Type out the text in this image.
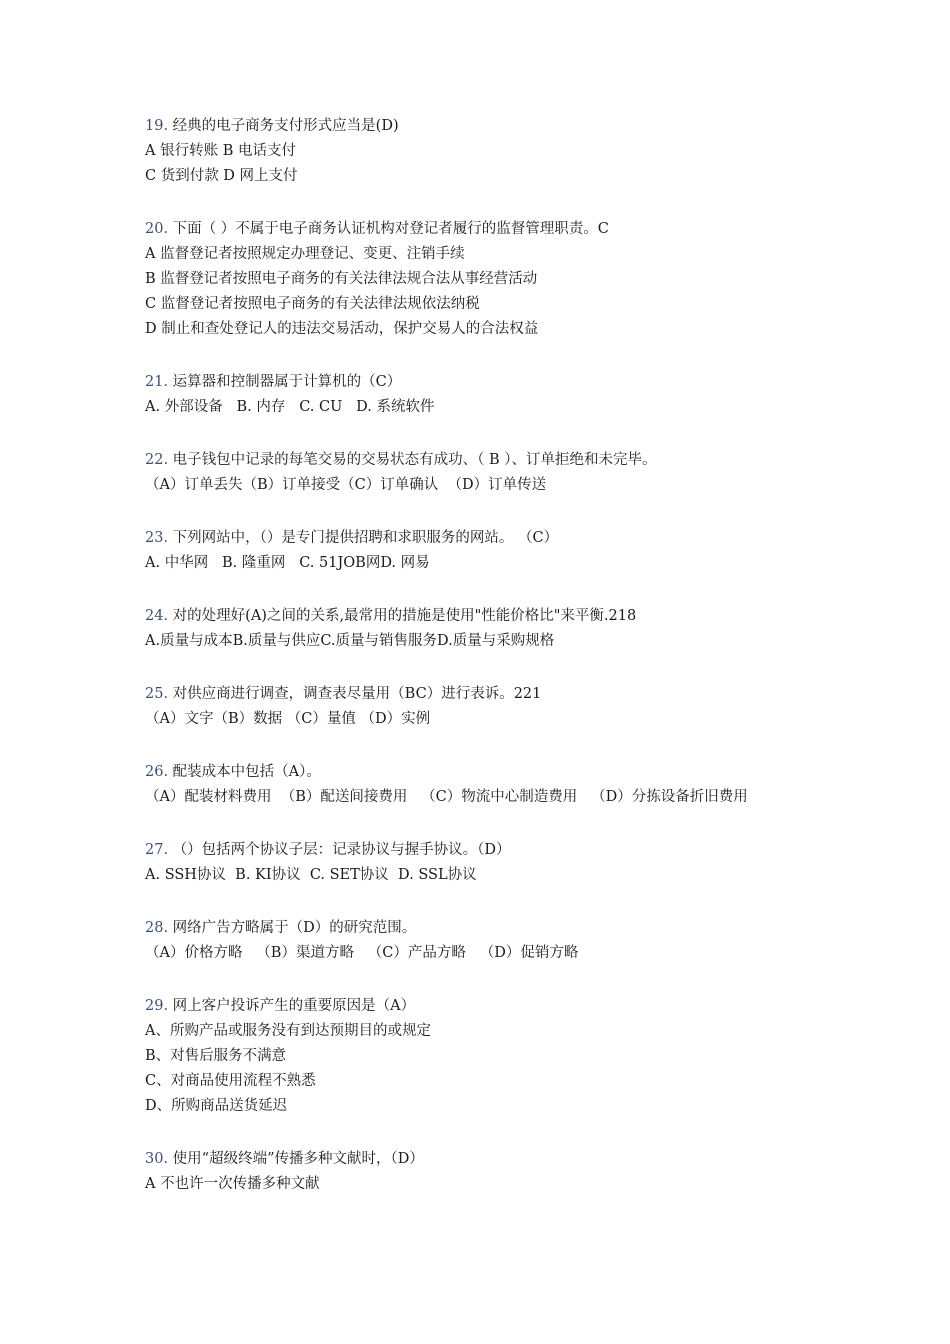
19. 经典的电子商务支付形式应当是(D)
A 银行转账 B 电话支付
C 货到付款 D 网上支付
20. 下面（ ）不属于电子商务认证机构对登记者履行的监督管理职责。C
A 监督登记者按照规定办理登记、变更、注销手续
B 监督登记者按照电子商务的有关法律法规合法从事经营活动
C 监督登记者按照电子商务的有关法律法规依法纳税
D 制止和查处登记人的违法交易活动，保护交易人的合法权益
21. 运算器和控制器属于计算机的（C）
A. 外部设备   B. 内存   C. CU   D. 系统软件
22. 电子钱包中记录的每笔交易的交易状态有成功、（ B ）、订单拒绝和未完毕。
（A）订单丢失（B）订单接受（C）订单确认  （D）订单传送
23. 下列网站中，（）是专门提供招聘和求职服务的网站。 （C）
A. 中华网   B. 隆重网   C. 51JOB网D. 网易
24. 对的处理好(A)之间的关系,最常用的措施是使用"性能价格比"来平衡.218
A.质量与成本B.质量与供应C.质量与销售服务D.质量与采购规格
25. 对供应商进行调查，调查表尽量用（BC）进行表诉。221
（A）文字（B）数据 （C）量值 （D）实例
26. 配装成本中包括（A）。
（A）配装材料费用  （B）配送间接费用   （C）物流中心制造费用   （D）分拣设备折旧费用
27. （）包括两个协议子层：记录协议与握手协议。（D）
A. SSH协议  B. KI协议  C. SET协议  D. SSL协议
28. 网络广告方略属于（D）的研究范围。
（A）价格方略   （B）渠道方略   （C）产品方略   （D）促销方略
29. 网上客户投诉产生的重要原因是（A）
A、所购产品或服务没有到达预期目的或规定
B、对售后服务不满意
C、对商品使用流程不熟悉
D、所购商品送货延迟
30. 使用“超级终端”传播多种文献时，（D）
A 不也许一次传播多种文献
